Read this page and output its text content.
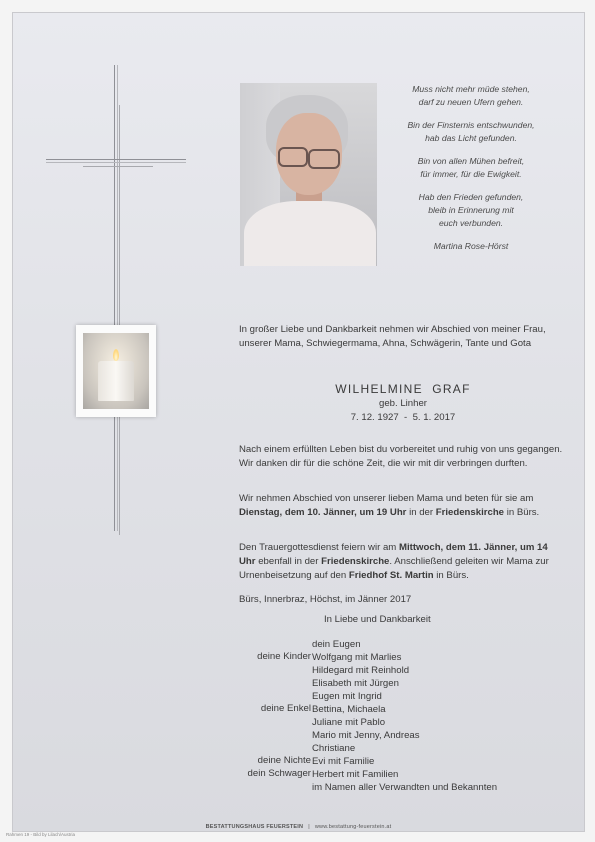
Muss nicht mehr müde stehen,
darf zu neuen Ufern gehen.

Bin der Finsternis entschwunden,
hab das Licht gefunden.

Bin von allen Mühen befreit,
für immer, für die Ewigkeit.

Hab den Frieden gefunden,
bleib in Erinnerung mit
euch verbunden.

Martina Rose-Hörst

In großer Liebe und Dankbarkeit nehmen wir Abschied von meiner Frau, unserer Mama, Schwiegermama, Ahna, Schwägerin, Tante und Gota
WILHELMINE  GRAF
geb. Linher
7. 12. 1927  -  5. 1. 2017
Nach einem erfüllten Leben bist du vorbereitet und ruhig von uns gegangen. Wir danken dir für die schöne Zeit, die wir mit dir verbringen durften.
Wir nehmen Abschied von unserer lieben Mama und beten für sie am Dienstag, dem 10. Jänner, um 19 Uhr in der Friedenskirche in Bürs.
Den Trauergottesdienst feiern wir am Mittwoch, dem 11. Jänner, um 14 Uhr ebenfall in der Friedenskirche. Anschließend geleiten wir Mama zur Urnenbeisetzung auf den Friedhof St. Martin in Bürs.
Bürs, Innerbraz, Höchst, im Jänner 2017
In Liebe und Dankbarkeit
deine Kinder
deine Enkel
deine Nichte
dein Schwager
dein Eugen
Wolfgang mit Marlies
Hildegard mit Reinhold
Elisabeth mit Jürgen
Eugen mit Ingrid
Bettina, Michaela
Juliane mit Pablo
Mario mit Jenny, Andreas
Christiane
Evi mit Familie
Herbert mit Familien
im Namen aller Verwandten und Bekannten
BESTATTUNGSHAUS FEUERSTEIN | www.bestattung-feuerstein.at
Rahmen 19 - Bild by Lilach/Austria
